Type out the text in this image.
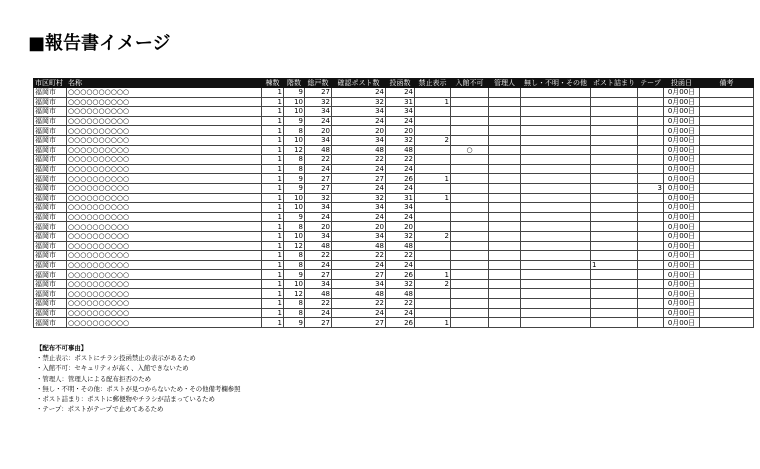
■報告書イメージ
市区町村	名称	棟数	階数	総戸数	確認ポスト数	投函数	禁止表示	入館不可	管理人	無し・不明・その他	ポスト詰まり	テープ	投函日	備考
福岡市	○○○○○○○○○○	1	9	27	24	24							0月00日	
福岡市	○○○○○○○○○○	1	10	32	32	31	1						0月00日	
福岡市	○○○○○○○○○○	1	10	34	34	34							0月00日	
福岡市	○○○○○○○○○○	1	9	24	24	24							0月00日	
福岡市	○○○○○○○○○○	1	8	20	20	20							0月00日	
福岡市	○○○○○○○○○○	1	10	34	34	32	2						0月00日	
福岡市	○○○○○○○○○○	1	12	48	48	48		○					0月00日	
福岡市	○○○○○○○○○○	1	8	22	22	22							0月00日	
福岡市	○○○○○○○○○○	1	8	24	24	24							0月00日	
福岡市	○○○○○○○○○○	1	9	27	27	26	1						0月00日	
福岡市	○○○○○○○○○○	1	9	27	24	24						3	0月00日	
福岡市	○○○○○○○○○○	1	10	32	32	31	1						0月00日	
福岡市	○○○○○○○○○○	1	10	34	34	34							0月00日	
福岡市	○○○○○○○○○○	1	9	24	24	24							0月00日	
福岡市	○○○○○○○○○○	1	8	20	20	20							0月00日	
福岡市	○○○○○○○○○○	1	10	34	34	32	2						0月00日	
福岡市	○○○○○○○○○○	1	12	48	48	48							0月00日	
福岡市	○○○○○○○○○○	1	8	22	22	22							0月00日	
福岡市	○○○○○○○○○○	1	8	24	24	24					1		0月00日	
福岡市	○○○○○○○○○○	1	9	27	27	26	1						0月00日	
福岡市	○○○○○○○○○○	1	10	34	34	32	2						0月00日	
福岡市	○○○○○○○○○○	1	12	48	48	48							0月00日	
福岡市	○○○○○○○○○○	1	8	22	22	22							0月00日	
福岡市	○○○○○○○○○○	1	8	24	24	24							0月00日	
福岡市	○○○○○○○○○○	1	9	27	27	26	1						0月00日	
【配布不可事由】
・禁止表示：ポストにチラシ投函禁止の表示があるため
・入館不可：セキュリティが高く、入館できないため
・管理人：管理人による配布拒否のため
・無し・不明・その他：ポストが見つからないため・その他備考欄参照
・ポスト詰まり：ポストに郵便物やチラシが詰まっているため
・テープ：ポストがテープで止めてあるため
